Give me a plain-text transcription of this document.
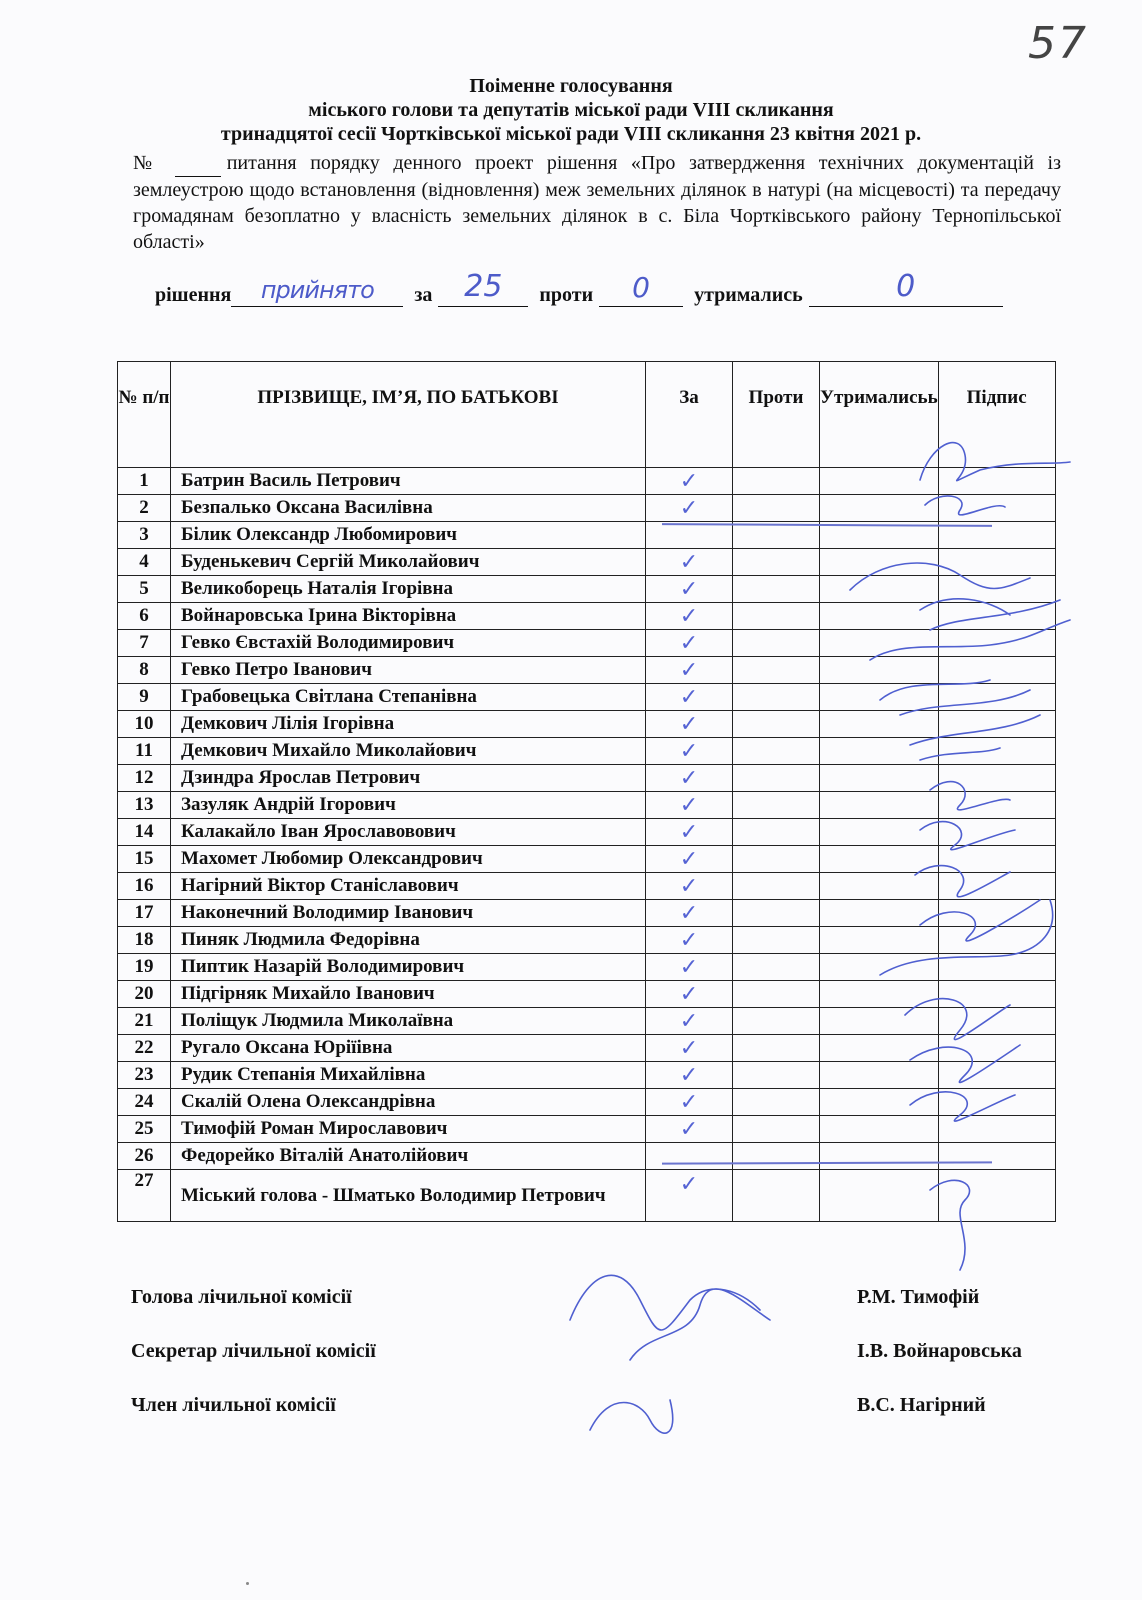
57
Поіменне голосування
міського голови та депутатів міської ради VIII скликання
тринадцятої сесії Чортківської міської ради VIII скликання 23 квітня 2021 р.
№	питання порядку денного проект рішення «Про затвердження технічних документацій із землеустрою щодо встановлення (відновлення) меж земельних ділянок в натурі (на місцевості) та передачу громадянам безоплатно у власність земельних ділянок в с. Біла Чортківського району Тернопільської області»
рішення	прийнято	за	25	проти	0	утримались	0
№ п/п	ПРІЗВИЩЕ, ІМ’Я, ПО БАТЬКОВІ	За	Проти	Утрималисьь	Підпис
1	Батрин Василь Петрович	✓			
2	Безпалько Оксана Василівна	✓			
3	Білик Олександр Любомирович				
4	Буденькевич Сергій Миколайович	✓			
5	Великоборець Наталія Ігорівна	✓			
6	Войнаровська Ірина Вікторівна	✓			
7	Гевко Євстахій Володимирович	✓			
8	Гевко Петро Іванович	✓			
9	Грабовецька Світлана Степанівна	✓			
10	Демкович Лілія Ігорівна	✓			
11	Демкович Михайло Миколайович	✓			
12	Дзиндра Ярослав Петрович	✓			
13	Зазуляк Андрій Ігорович	✓			
14	Калакайло Іван Ярославовович	✓			
15	Махомет Любомир Олександрович	✓			
16	Нагірний Віктор Станіславович	✓			
17	Наконечний Володимир Іванович	✓			
18	Пиняк Людмила Федорівна	✓			
19	Пиптик Назарій Володимирович	✓			
20	Підгірняк Михайло Іванович	✓			
21	Поліщук Людмила Миколаївна	✓			
22	Ругало Оксана Юріїівна	✓			
23	Рудик Степанія Михайлівна	✓			
24	Скалій Олена Олександрівна	✓			
25	Тимофій Роман Мирославович	✓			
26	Федорейко Віталій Анатолійович				
27	Міський голова - Шматько Володимир Петрович	✓			
Голова лічильної комісії
Секретар лічильної комісії
Член лічильної комісії
Р.М. Тимофій
І.В. Войнаровська
В.С. Нагірний
